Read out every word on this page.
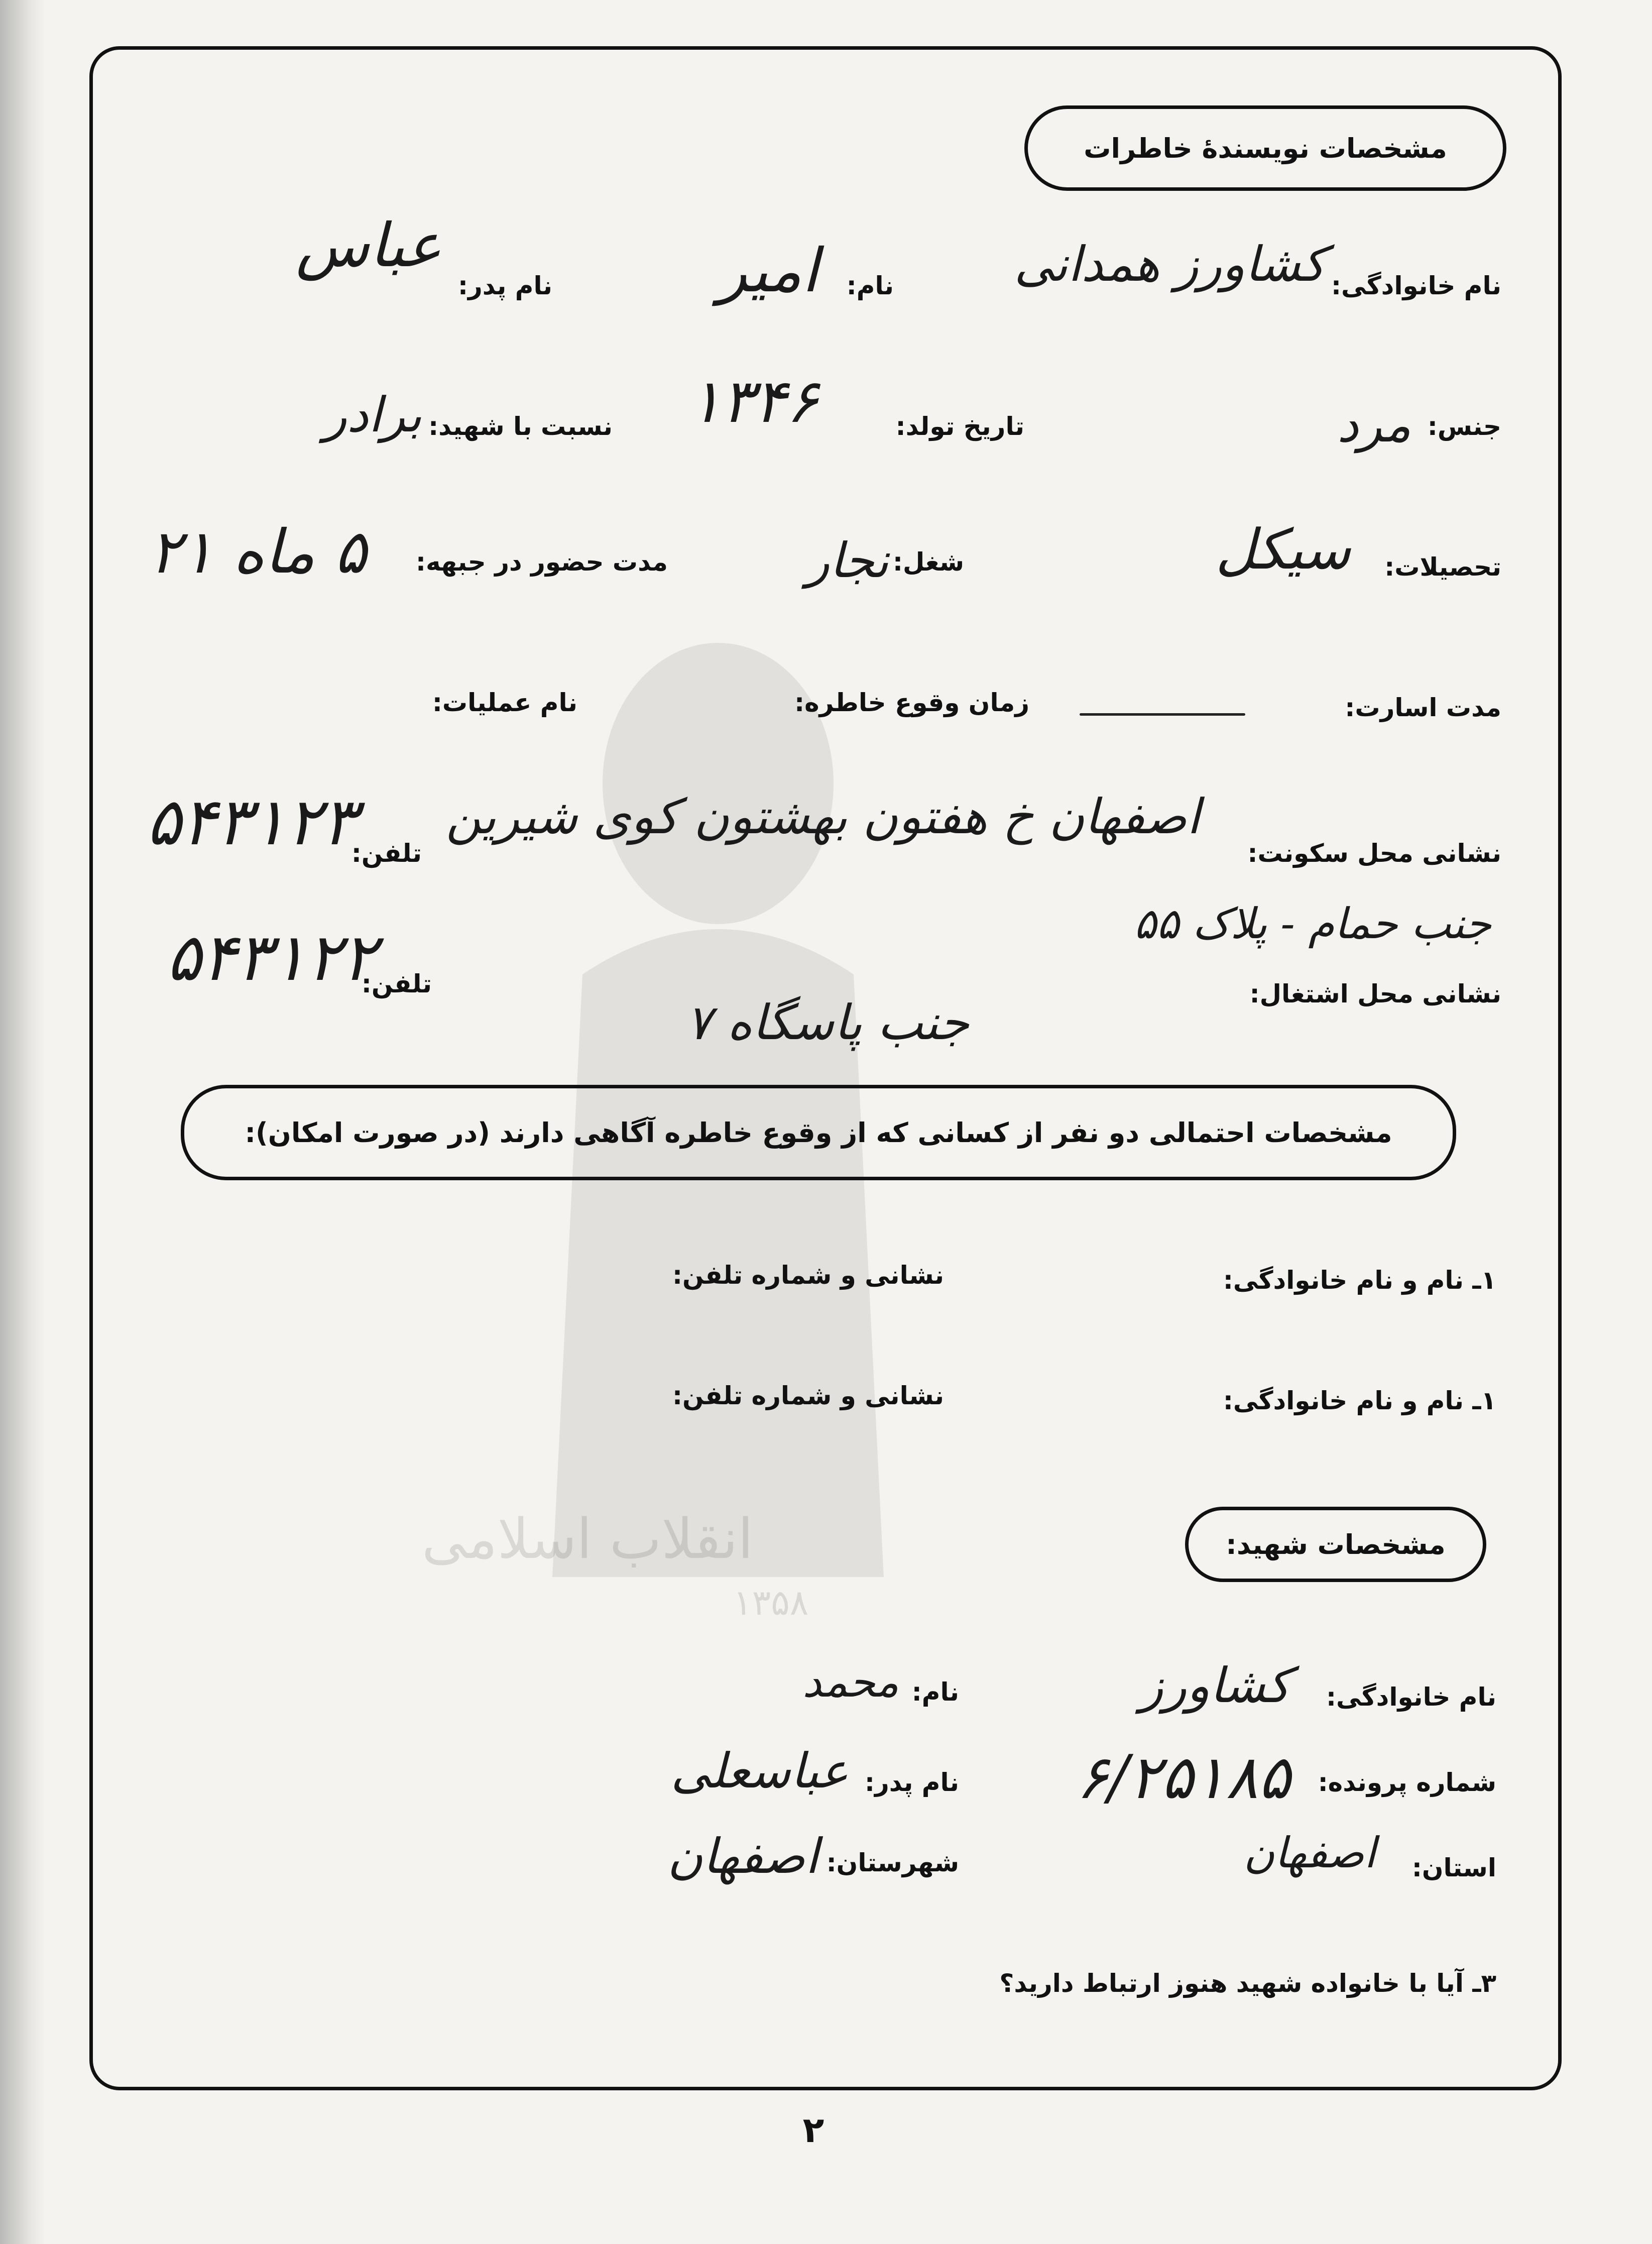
انقلاب اسلامی
۱۳۵۸
مشخصات نویسندهٔ خاطرات
نام خانوادگی:
کشاورز همدانی
نام:
امیر
نام پدر:
عباس
جنس:
مرد
تاریخ تولد:
۱۳۴۶
نسبت با شهید:
برادر
تحصیلات:
سیکل
شغل:
نجار
مدت حضور در جبهه:
۵ ماه ۲۱
مدت اسارت:
زمان وقوع خاطره:
نام عملیات:
نشانی محل سکونت:
اصفهان خ هفتون بهشتون کوی شیرین
جنب حمام - پلاک ۵۵
تلفن:
۵۴۳۱۲۳
نشانی محل اشتغال:
جنب پاسگاه ۷
تلفن:
۵۴۳۱۲۲
مشخصات احتمالی دو نفر از کسانی که از وقوع خاطره آگاهی دارند (در صورت امکان):
۱ـ نام و نام خانوادگی:
نشانی و شماره تلفن:
۱ـ نام و نام خانوادگی:
نشانی و شماره تلفن:
مشخصات شهید:
نام خانوادگی:
کشاورز
نام:
محمد
شماره پرونده:
۶/۲۵۱۸۵
نام پدر:
عباسعلی
استان:
اصفهان
شهرستان:
اصفهان
۳ـ آیا با خانواده شهید هنوز ارتباط دارید؟
۲
